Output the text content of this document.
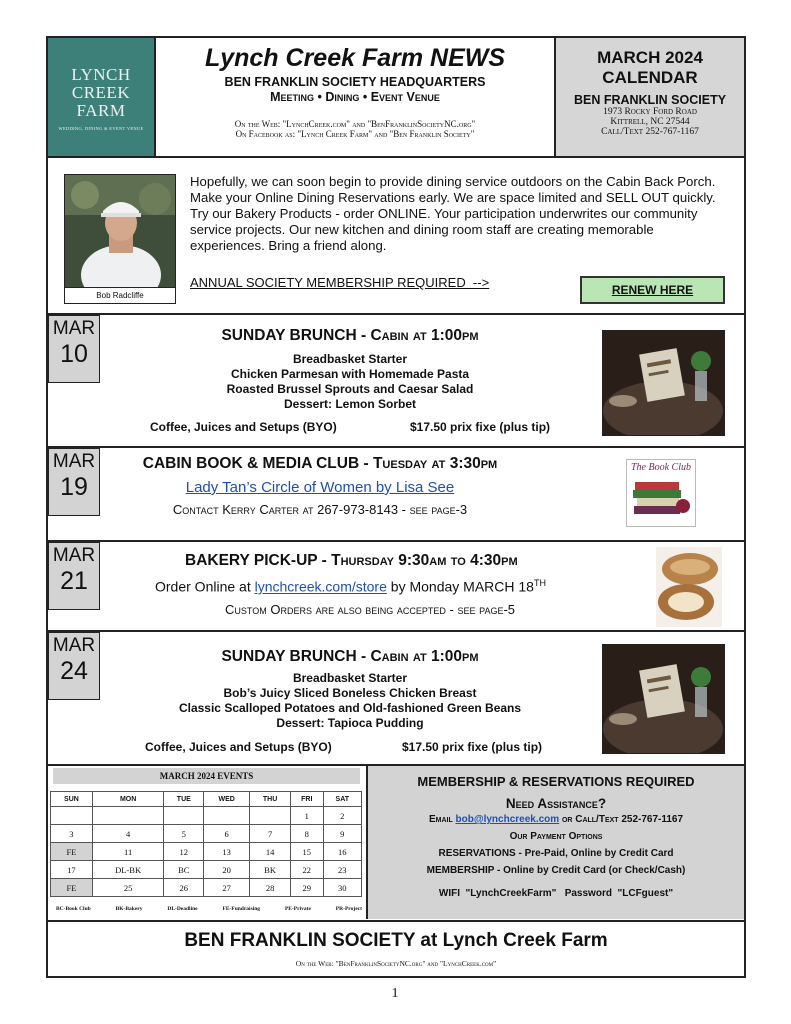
LYNCH
CREEK
FARM
WEDDING, DINING & EVENT VENUE
Lynch Creek Farm NEWS
BEN FRANKLIN SOCIETY HEADQUARTERS
Meeting • Dining • Event Venue
On the Web: "LynchCreek.com" and "BenFranklinSocietyNC.org"
On Facebook as: "Lynch Creek Farm" and "Ben Franklin Society"
MARCH 2024
CALENDAR
BEN FRANKLIN SOCIETY
1973 Rocky Ford Road
Kittrell, NC 27544
Call/Text 252-767-1167
Bob Radcliffe
Hopefully, we can soon begin to provide dining service outdoors on the Cabin Back Porch. Make your Online Dining Reservations early. We are space limited and SELL OUT quickly. Try our Bakery Products - order ONLINE. Your participation underwrites our community service projects. Our new kitchen and dining room staff are creating memorable experiences. Bring a friend along.
ANNUAL SOCIETY MEMBERSHIP REQUIRED  -->	RENEW HERE
MAR
10
SUNDAY BRUNCH - Cabin at 1:00pm
Breadbasket Starter
Chicken Parmesan with Homemade Pasta
Roasted Brussel Sprouts and Caesar Salad
Dessert: Lemon Sorbet
Coffee, Juices and Setups (BYO)	$17.50 prix fixe (plus tip)
MAR
19
CABIN BOOK & MEDIA CLUB - Tuesday at 3:30pm
Lady Tan’s Circle of Women by Lisa See
Contact Kerry Carter at 267-973-8143 - see page-3
The Book Club
MAR
21
BAKERY PICK-UP - Thursday 9:30am to 4:30pm
Order Online at lynchcreek.com/store by Monday MARCH 18TH
Custom Orders are also being accepted - see page-5
MAR
24
SUNDAY BRUNCH - Cabin at 1:00pm
Breadbasket Starter
Bob’s Juicy Sliced Boneless Chicken Breast
Classic Scalloped Potatoes and Old-fashioned Green Beans
Dessert: Tapioca Pudding
Coffee, Juices and Setups (BYO)	$17.50 prix fixe (plus tip)
MARCH 2024 EVENTS
SUN	MON	TUE	WED	THU	FRI	SAT
					1	2
3	4	5	6	7	8	9
FE	11	12	13	14	15	16
17	DL-BK	BC	20	BK	22	23
FE	25	26	27	28	29	30
BC-Book Club	BK-Bakery	DL-Deadline	FE-Fundraising	PE-Private	PR-Project
MEMBERSHIP & RESERVATIONS REQUIRED
Need Assistance?
Email bob@lynchcreek.com or Call/Text 252-767-1167
Our Payment Options
RESERVATIONS - Pre-Paid, Online by Credit Card
MEMBERSHIP - Online by Credit Card (or Check/Cash)
WIFI  "LynchCreekFarm"   Password  "LCFguest"
BEN FRANKLIN SOCIETY at Lynch Creek Farm
On the Web: "BenFranklinSocietyNC.org" and "LynchCreek.com"
1
